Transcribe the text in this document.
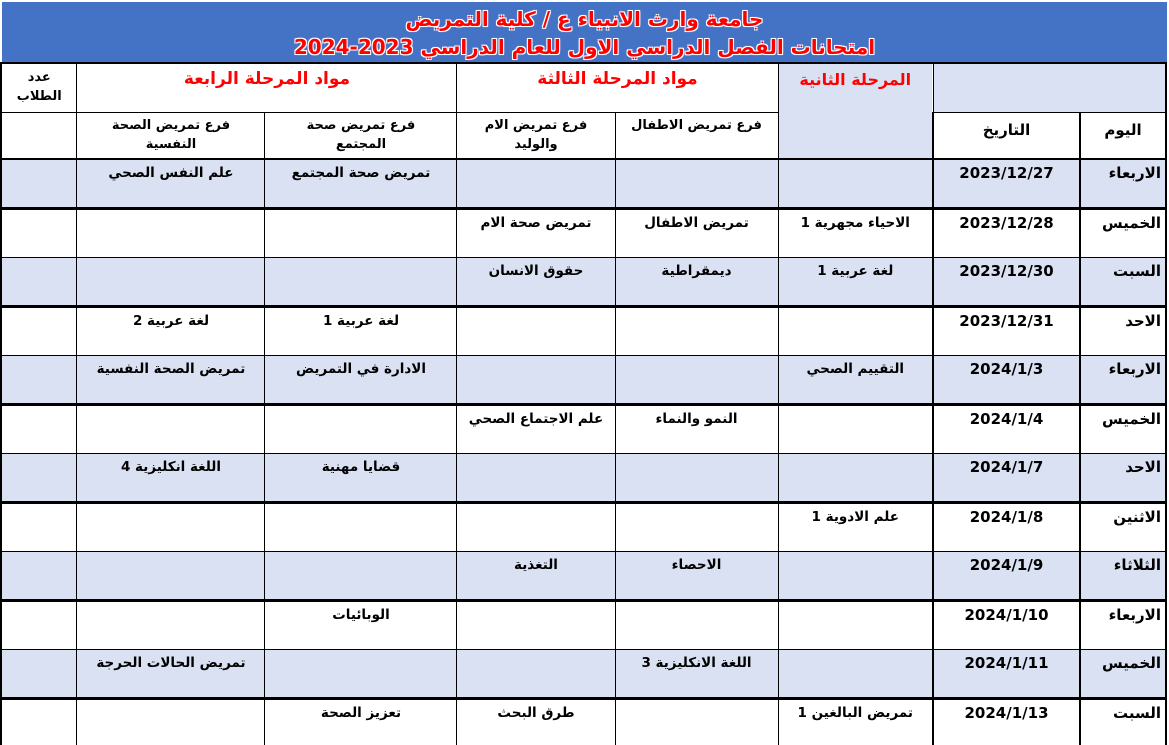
جامعة وارث الانبياء ع / كلية التمريض
امتحانات الفصل الدراسي الاول للعام الدراسي 2024-2023
		المرحلة الثانية	مواد المرحلة الثالثة		مواد المرحلة الرابعة		عدد
الطلاب

اليوم	التاريخ	
فرع تمريض الاطفال

فرع تمريض الام
والوليد

فرع تمريض صحة
المجتمع

فرع تمريض الصحة
النفسية

الاربعاء	2023/12/27				تمريض صحة المجتمع	علم النفس الصحي	
الخميس	2023/12/28	الاحياء مجهرية 1	تمريض الاطفال	تمريض صحة الام			
السبت	2023/12/30	لغة عربية 1	ديمقراطية	حقوق الانسان			
الاحد	2023/12/31				لغة عربية 1	لغة عربية 2	
الاربعاء	2024/1/3	التقييم الصحي			الادارة في التمريض	تمريض الصحة النفسية	
الخميس	2024/1/4		النمو والنماء	علم الاجتماع الصحي			
الاحد	2024/1/7				قضايا مهنية	اللغة انكليزية 4	
الاثنين	2024/1/8	علم الادوية 1					
الثلاثاء	2024/1/9		الاحصاء	التغذية			
الاربعاء	2024/1/10				الوبائيات		
الخميس	2024/1/11		اللغة الانكليزية 3			تمريض الحالات الحرجة	
السبت	2024/1/13	تمريض البالغين 1		طرق البحث	تعزيز الصحة		
